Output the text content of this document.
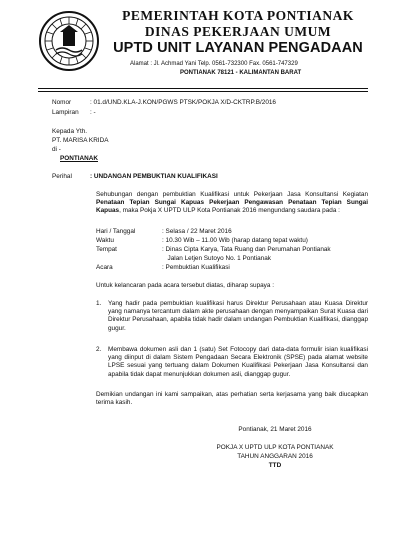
PEMERINTAH KOTA PONTIANAK
DINAS PEKERJAAN UMUM
UPTD UNIT LAYANAN PENGADAAN
Alamat : Jl. Achmad Yani Telp. 0561-732300 Fax. 0561-747329
PONTIANAK 78121 - KALIMANTAN BARAT
Nomor	: 01.d/UND.KLA-J.KON/PGWS PTSK/POKJA X/D-CKTRP.B/2016
Lampiran : -
Kepada Yth.
PT. MARISA KRIDA
di -
PONTIANAK
Perihal	: UNDANGAN PEMBUKTIAN KUALIFIKASI
Sehubungan dengan pembuktian Kualifikasi untuk Pekerjaan Jasa Konsultansi Kegiatan Penataan Tepian Sungai Kapuas Pekerjaan Pengawasan Penataan Tepian Sungai Kapuas, maka Pokja X UPTD ULP Kota Pontianak 2016 mengundang saudara pada :
Hari / Tanggal	: Selasa / 22 Maret 2016
Waktu	: 10.30 Wib – 11.00 Wib (harap datang tepat waktu)
Tempat	: Dinas Cipta Karya, Tata Ruang dan Perumahan Pontianak
Jalan Letjen Sutoyo No. 1 Pontianak
Acara	: Pembuktian Kualifikasi
Untuk kelancaran pada acara tersebut diatas, diharap supaya :
1. Yang hadir pada pembuktian kualifikasi harus Direktur Perusahaan atau Kuasa Direktur yang namanya tercantum dalam akte perusahaan dengan menyampaikan Surat Kuasa dari Direktur Perusahaan, apabila tidak hadir dalam undangan Pembuktian Kualifikasi, dianggap gugur.
2. Membawa dokumen asli dan 1 (satu) Set Fotocopy dari data-data formulir isian kualifikasi yang diinput di dalam Sistem Pengadaan Secara Elektronik (SPSE) pada alamat website LPSE sesuai yang tertuang dalam Dokumen Kualifikasi Pekerjaan Jasa Konsultansi dan apabila tidak dapat menunjukkan dokumen asli, dianggap gugur.
Demikian undangan ini kami sampaikan, atas perhatian serta kerjasama yang baik diucapkan terima kasih.
Pontianak, 21 Maret 2016
POKJA X UPTD ULP KOTA PONTIANAK
TAHUN ANGGARAN 2016
TTD
